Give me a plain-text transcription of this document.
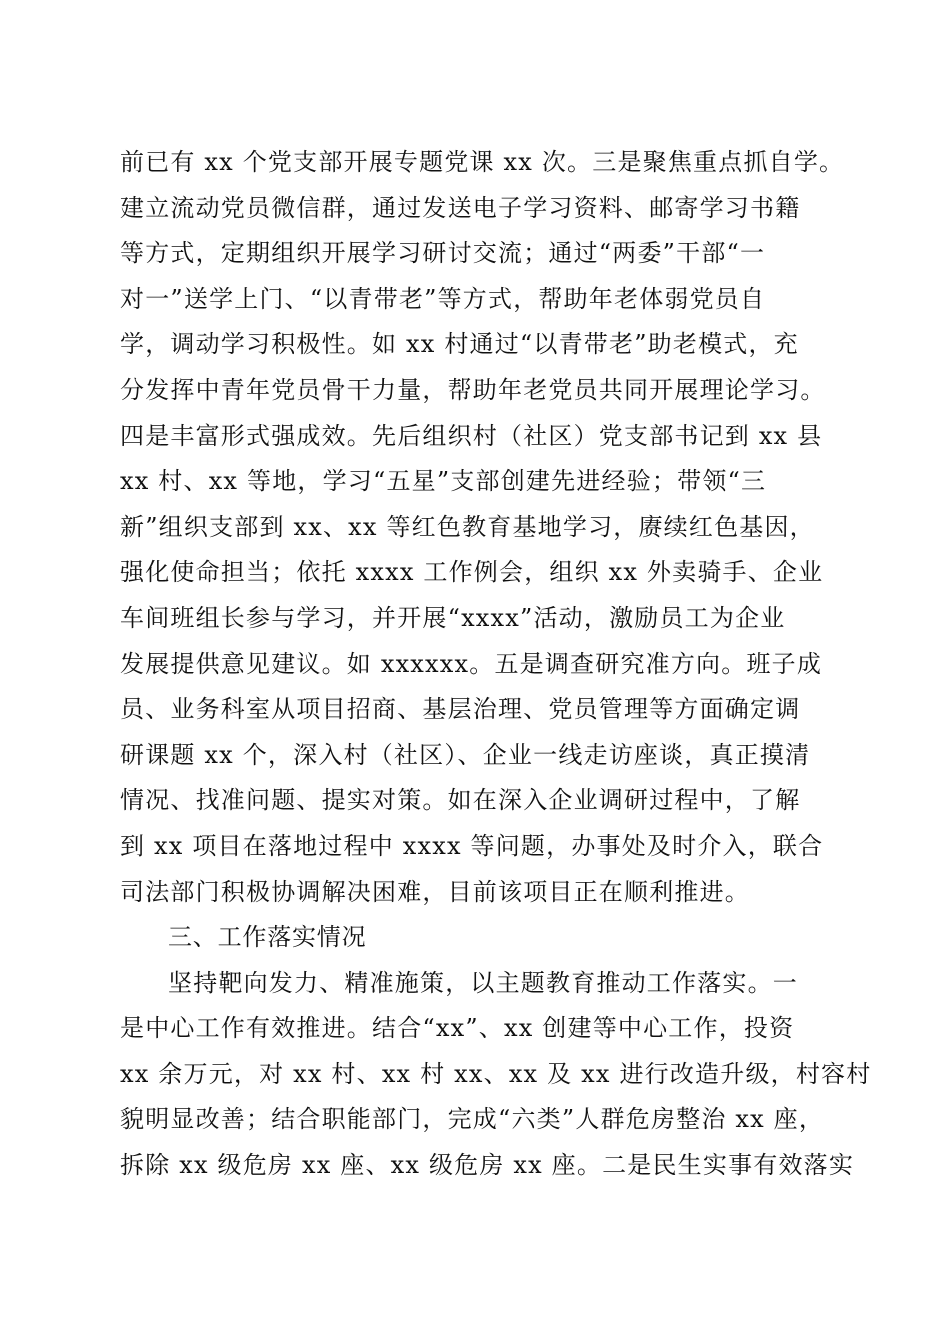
前已有 xx 个党支部开展专题党课 xx 次。三是聚焦重点抓自学。
建立流动党员微信群，通过发送电子学习资料、邮寄学习书籍
等方式，定期组织开展学习研讨交流；通过“两委”干部“一
对一”送学上门、“以青带老”等方式，帮助年老体弱党员自
学，调动学习积极性。如 xx 村通过“以青带老”助老模式，充
分发挥中青年党员骨干力量，帮助年老党员共同开展理论学习。
四是丰富形式强成效。先后组织村（社区）党支部书记到 xx 县
xx 村、xx 等地，学习“五星”支部创建先进经验；带领“三
新”组织支部到 xx、xx 等红色教育基地学习，赓续红色基因，
强化使命担当；依托 xxxx 工作例会，组织 xx 外卖骑手、企业
车间班组长参与学习，并开展“xxxx”活动，激励员工为企业
发展提供意见建议。如 xxxxxx。五是调查研究准方向。班子成
员、业务科室从项目招商、基层治理、党员管理等方面确定调
研课题 xx 个，深入村（社区）、企业一线走访座谈，真正摸清
情况、找准问题、提实对策。如在深入企业调研过程中，了解
到 xx 项目在落地过程中 xxxx 等问题，办事处及时介入，联合
司法部门积极协调解决困难，目前该项目正在顺利推进。
三、工作落实情况
坚持靶向发力、精准施策，以主题教育推动工作落实。一
是中心工作有效推进。结合“xx”、xx 创建等中心工作，投资
xx 余万元，对 xx 村、xx 村 xx、xx 及 xx 进行改造升级，村容村
貌明显改善；结合职能部门，完成“六类”人群危房整治 xx 座，
拆除 xx 级危房 xx 座、xx 级危房 xx 座。二是民生实事有效落实
